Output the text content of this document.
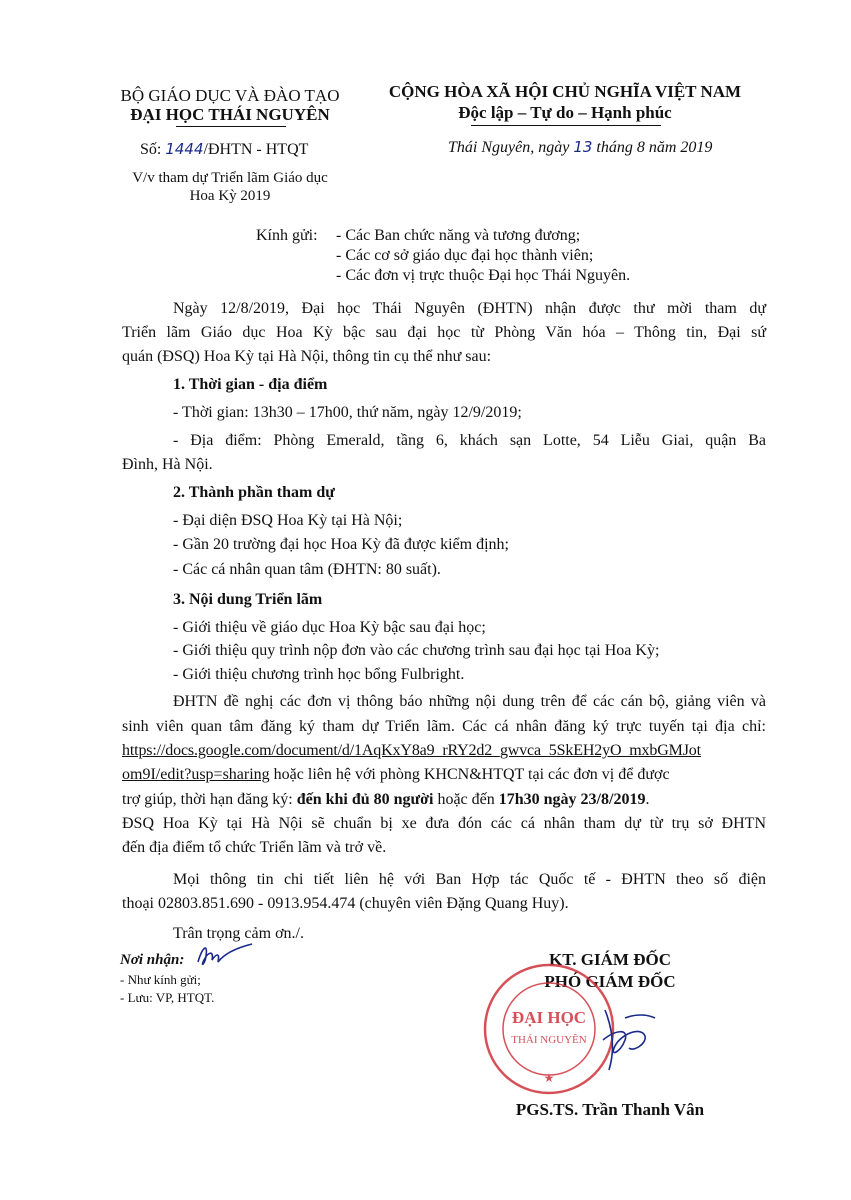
BỘ GIÁO DỤC VÀ ĐÀO TẠO
ĐẠI HỌC THÁI NGUYÊN
CỘNG HÒA XÃ HỘI CHỦ NGHĨA VIỆT NAM
Độc lập – Tự do – Hạnh phúc
Số: 1444/ĐHTN - HTQT	Thái Nguyên, ngày 13 tháng 8 năm 2019
V/v tham dự Triển lãm Giáo dục
Hoa Kỳ 2019
Kính gửi: - Các Ban chức năng và tương đương;
- Các cơ sở giáo dục đại học thành viên;
- Các đơn vị trực thuộc Đại học Thái Nguyên.
Ngày 12/8/2019, Đại học Thái Nguyên (ĐHTN) nhận được thư mời tham dự
Triển lãm Giáo dục Hoa Kỳ bậc sau đại học từ Phòng Văn hóa – Thông tin, Đại sứ
quán (ĐSQ) Hoa Kỳ tại Hà Nội, thông tin cụ thể như sau:
1. Thời gian - địa điểm
- Thời gian: 13h30 – 17h00, thứ năm, ngày 12/9/2019;
- Địa điểm: Phòng Emerald, tầng 6, khách sạn Lotte, 54 Liễu Giai, quận Ba
Đình, Hà Nội.
2. Thành phần tham dự
- Đại diện ĐSQ Hoa Kỳ tại Hà Nội;
- Gần 20 trường đại học Hoa Kỳ đã được kiểm định;
- Các cá nhân quan tâm (ĐHTN: 80 suất).
3. Nội dung Triển lãm
- Giới thiệu về giáo dục Hoa Kỳ bậc sau đại học;
- Giới thiệu quy trình nộp đơn vào các chương trình sau đại học tại Hoa Kỳ;
- Giới thiệu chương trình học bổng Fulbright.
ĐHTN đề nghị các đơn vị thông báo những nội dung trên để các cán bộ, giảng viên và
sinh viên quan tâm đăng ký tham dự Triển lãm. Các cá nhân đăng ký trực tuyến tại địa chỉ:
https://docs.google.com/document/d/1AqKxY8a9_rRY2d2_gwvca_5SkEH2yO_mxbGMJot
om9I/edit?usp=sharing hoặc liên hệ với phòng KHCN&HTQT tại các đơn vị để được
trợ giúp, thời hạn đăng ký: đến khi đủ 80 người hoặc đến 17h30 ngày 23/8/2019.
ĐSQ Hoa Kỳ tại Hà Nội sẽ chuẩn bị xe đưa đón các cá nhân tham dự từ trụ sở ĐHTN
đến địa điểm tổ chức Triển lãm và trở về.
Mọi thông tin chi tiết liên hệ với Ban Hợp tác Quốc tế - ĐHTN theo số điện
thoại 02803.851.690 - 0913.954.474 (chuyên viên Đặng Quang Huy).
Trân trọng cảm ơn./.
Nơi nhận:
- Như kính gửi;
- Lưu: VP, HTQT.
KT. GIÁM ĐỐC
PHÓ GIÁM ĐỐC
★
ĐẠI HỌC
THÁI NGUYÊN
PGS.TS. Trần Thanh Vân
